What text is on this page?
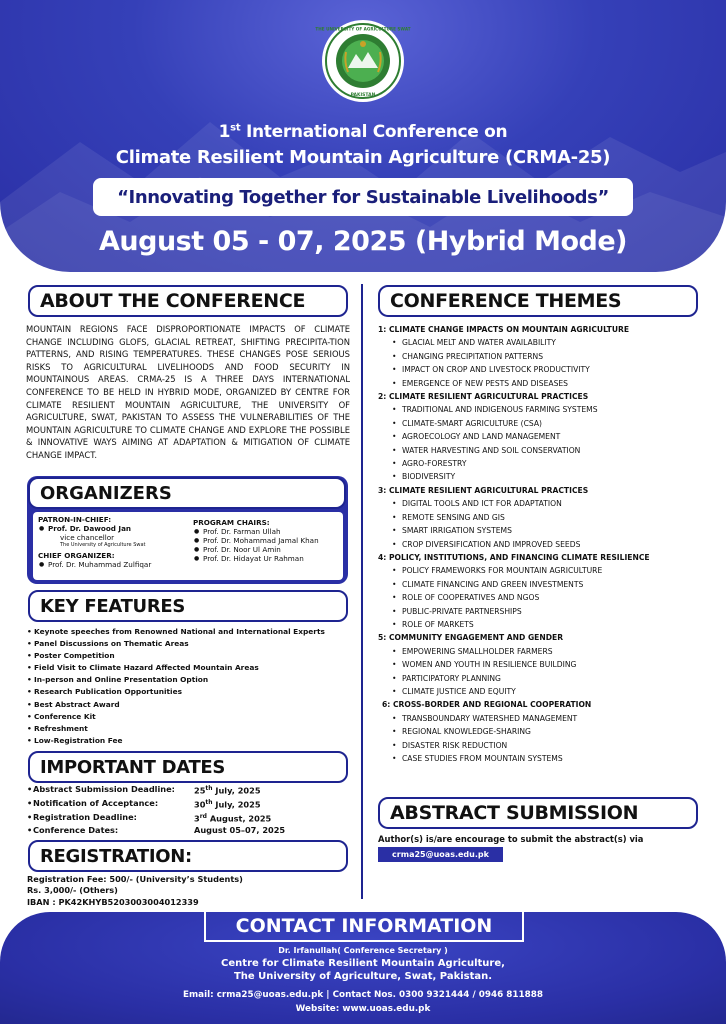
THE UNIVERSITY OF AGRICULTURE SWAT
PAKISTAN
1st International Conference on
Climate Resilient Mountain Agriculture (CRMA-25)
“Innovating Together for Sustainable Livelihoods”
August 05 - 07, 2025 (Hybrid Mode)
ABOUT THE CONFERENCE

MOUNTAIN REGIONS FACE DISPROPORTIONATE IMPACTS OF CLIMATE CHANGE INCLUDING GLOFS, GLACIAL RETREAT, SHIFTING PRECIPITA-TION PATTERNS, AND RISING TEMPERATURES. THESE CHANGES POSE SERIOUS RISKS TO AGRICULTURAL LIVELIHOODS AND FOOD SECURITY IN MOUNTAINOUS AREAS. CRMA-25 IS A THREE DAYS INTERNATIONAL CONFERENCE TO BE HELD IN HYBRID MODE, ORGANIZED BY CENTRE FOR CLIMATE RESILIENT MOUNTAIN AGRICULTURE, THE UNIVERSITY OF AGRICULTURE, SWAT, PAKISTAN TO ASSESS THE VULNERABILITIES OF THE MOUNTAIN AGRICULTURE TO CLIMATE CHANGE AND EXPLORE THE POSSIBLE & INNOVATIVE WAYS AIMING AT ADAPTATION & MITIGATION OF CLIMATE CHANGE IMPACT.

ORGANIZERS
PATRON-IN-CHIEF:
● Prof. Dr. Dawood Jan
vice chancellor
The University of Agriculture Swat
CHIEF ORGANIZER:
● Prof. Dr. Muhammad Zulfiqar
PROGRAM CHAIRS:
● Prof. Dr. Farman Ullah
● Prof. Dr. Mohammad Jamal Khan
● Prof. Dr. Noor Ul Amin
● Prof. Dr. Hidayat Ur Rahman
KEY FEATURES
• Keynote speeches from Renowned National and International Experts
• Panel Discussions on Thematic Areas
• Poster Competition
• Field Visit to Climate Hazard Affected Mountain Areas
• In-person and Online Presentation Option
• Research Publication Opportunities
• Best Abstract Award
• Conference Kit
• Refreshment
• Low-Registration Fee
IMPORTANT DATES
• Abstract Submission Deadline:	25th July, 2025
• Notification of Acceptance:	30th July, 2025
• Registration Deadline:	3rd August, 2025
• Conference Dates:	August 05–07, 2025
REGISTRATION:
Registration Fee: 500/- (University’s Students)
Rs. 3,000/- (Others)
IBAN : PK42KHYB5203003004012339
CONFERENCE THEMES
1: CLIMATE CHANGE IMPACTS ON MOUNTAIN AGRICULTURE
• GLACIAL MELT AND WATER AVAILABILITY
• CHANGING PRECIPITATION PATTERNS
• IMPACT ON CROP AND LIVESTOCK PRODUCTIVITY
• EMERGENCE OF NEW PESTS AND DISEASES
2: CLIMATE RESILIENT AGRICULTURAL PRACTICES
• TRADITIONAL AND INDIGENOUS FARMING SYSTEMS
• CLIMATE-SMART AGRICULTURE (CSA)
• AGROECOLOGY AND LAND MANAGEMENT
• WATER HARVESTING AND SOIL CONSERVATION
• AGRO-FORESTRY
• BIODIVERSITY
3: CLIMATE RESILIENT AGRICULTURAL PRACTICES
• DIGITAL TOOLS AND ICT FOR ADAPTATION
• REMOTE SENSING AND GIS
• SMART IRRIGATION SYSTEMS
• CROP DIVERSIFICATION AND IMPROVED SEEDS
4: POLICY, INSTITUTIONS, AND FINANCING CLIMATE RESILIENCE
• POLICY FRAMEWORKS FOR MOUNTAIN AGRICULTURE
• CLIMATE FINANCING AND GREEN INVESTMENTS
• ROLE OF COOPERATIVES AND NGOS
• PUBLIC-PRIVATE PARTNERSHIPS
• ROLE OF MARKETS
5: COMMUNITY ENGAGEMENT AND GENDER
• EMPOWERING SMALLHOLDER FARMERS
• WOMEN AND YOUTH IN RESILIENCE BUILDING
• PARTICIPATORY PLANNING
• CLIMATE JUSTICE AND EQUITY
6: CROSS-BORDER AND REGIONAL COOPERATION
• TRANSBOUNDARY WATERSHED MANAGEMENT
• REGIONAL KNOWLEDGE-SHARING
• DISASTER RISK REDUCTION
• CASE STUDIES FROM MOUNTAIN SYSTEMS
ABSTRACT SUBMISSION
Author(s) is/are encourage to submit the abstract(s) via
crma25@uoas.edu.pk
CONTACT INFORMATION
Dr. Irfanullah( Conference Secretary )
Centre for Climate Resilient Mountain Agriculture,
The University of Agriculture, Swat, Pakistan.
Email: crma25@uoas.edu.pk | Contact Nos. 0300 9321444 / 0946 811888
Website: www.uoas.edu.pk
